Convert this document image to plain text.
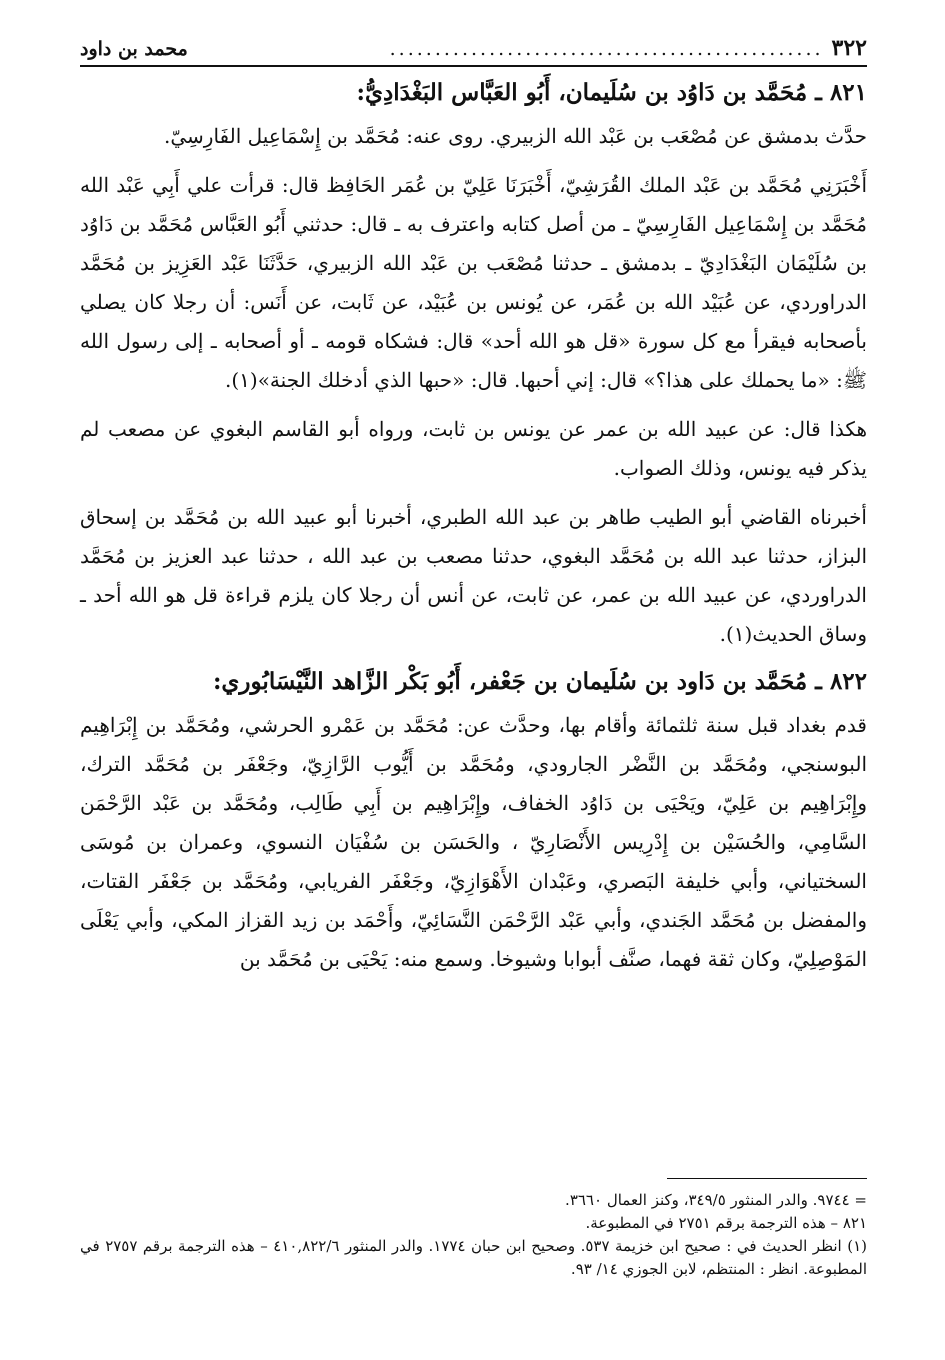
٣٢٢
................................................
محمد بن داود
٨٢١ ـ مُحَمَّد بن دَاوُد بن سُلَيمان، أَبُو العَبَّاس البَغْدَادِيُّ:

حدَّث بدمشق عن مُصْعَب بن عَبْد الله الزبيري. روى عنه: مُحَمَّد بن إِسْمَاعِيل الفَارِسِيّ.

أَخْبَرَنِي مُحَمَّد بن عَبْد الملك القُرَشِيّ، أَخْبَرَنَا عَلِيّ بن عُمَر الحَافِظ قال: قرأت علي أَبِي عَبْد الله مُحَمَّد بن إِسْمَاعِيل الفَارِسِيّ ـ من أصل كتابه واعترف به ـ قال: حدثني أَبُو العَبَّاس مُحَمَّد بن دَاوُد بن سُلَيْمَان البَغْدَادِيّ ـ بدمشق ـ حدثنا مُصْعَب بن عَبْد الله الزبيري، حَدَّثَنَا عَبْد العَزِيز بن مُحَمَّد الدراوردي، عن عُبَيْد الله بن عُمَر، عن يُونس بن عُبَيْد، عن ثَابت، عن أَنَس: أن رجلا كان يصلي بأصحابه فيقرأ مع كل سورة «قل هو الله أحد» قال: فشكاه قومه ـ أو أصحابه ـ إلى رسول الله ﷺ: «ما يحملك على هذا؟» قال: إني أحبها. قال: «حبها الذي أدخلك الجنة»(١).

هكذا قال: عن عبيد الله بن عمر عن يونس بن ثابت، ورواه أبو القاسم البغوي عن مصعب لم يذكر فيه يونس، وذلك الصواب.

أخبرناه القاضي أبو الطيب طاهر بن عبد الله الطبري، أخبرنا أبو عبيد الله بن مُحَمَّد بن إسحاق البزاز، حدثنا عبد الله بن مُحَمَّد البغوي، حدثنا مصعب بن عبد الله ، حدثنا عبد العزيز بن مُحَمَّد الدراوردي، عن عبيد الله بن عمر، عن ثابت، عن أنس أن رجلا كان يلزم قراءة قل هو الله أحد ـ وساق الحديث(١).

٨٢٢ ـ مُحَمَّد بن دَاود بن سُلَيمان بن جَعْفر، أَبُو بَكْر الزَّاهد النَّيْسَابُوري:

قدم بغداد قبل سنة ثلثمائة وأقام بها، وحدَّث عن: مُحَمَّد بن عَمْرو الحرشي، ومُحَمَّد بن إِبْرَاهِيم البوسنجي، ومُحَمَّد بن النَّضْر الجارودي، ومُحَمَّد بن أَيُّوب الرَّازِيّ، وجَعْفَر بن مُحَمَّد الترك، وإِبْرَاهِيم بن عَلِيّ، ويَحْيَى بن دَاوُد الخفاف، وإِبْرَاهِيم بن أَبِي طَالِب، ومُحَمَّد بن عَبْد الرَّحْمَن السَّامِي، والحُسَيْن بن إِدْرِيس الأَنْصَارِيّ ، والحَسَن بن سُفْيَان النسوي، وعمران بن مُوسَى السختياني، وأبي خليفة البَصري، وعَبْدان الأَهْوَازِيّ، وجَعْفَر الفريابي، ومُحَمَّد بن جَعْفَر القتات، والمفضل بن مُحَمَّد الجَندي، وأبي عَبْد الرَّحْمَن النَّسَائِيّ، وأَحْمَد بن زيد القزاز المكي، وأبي يَعْلَى المَوْصِلِيّ، وكان ثقة فهما، صنَّف أبوابا وشيوخا. وسمع منه: يَحْيَى بن مُحَمَّد بن

= ٩٧٤٤. والدر المنثور ٣٤٩/٥، وكنز العمال ٣٦٦٠.

٨٢١ – هذه الترجمة برقم ٢٧٥١ في المطبوعة.

(١) انظر الحديث في : صحيح ابن خزيمة ٥٣٧. وصحيح ابن حبان ١٧٧٤. والدر المنثور ٤١٠,٨٢٢/٦ – هذه الترجمة برقم ٢٧٥٧ في المطبوعة. انظر : المنتظم، لابن الجوزي ١٤/ ٩٣.
